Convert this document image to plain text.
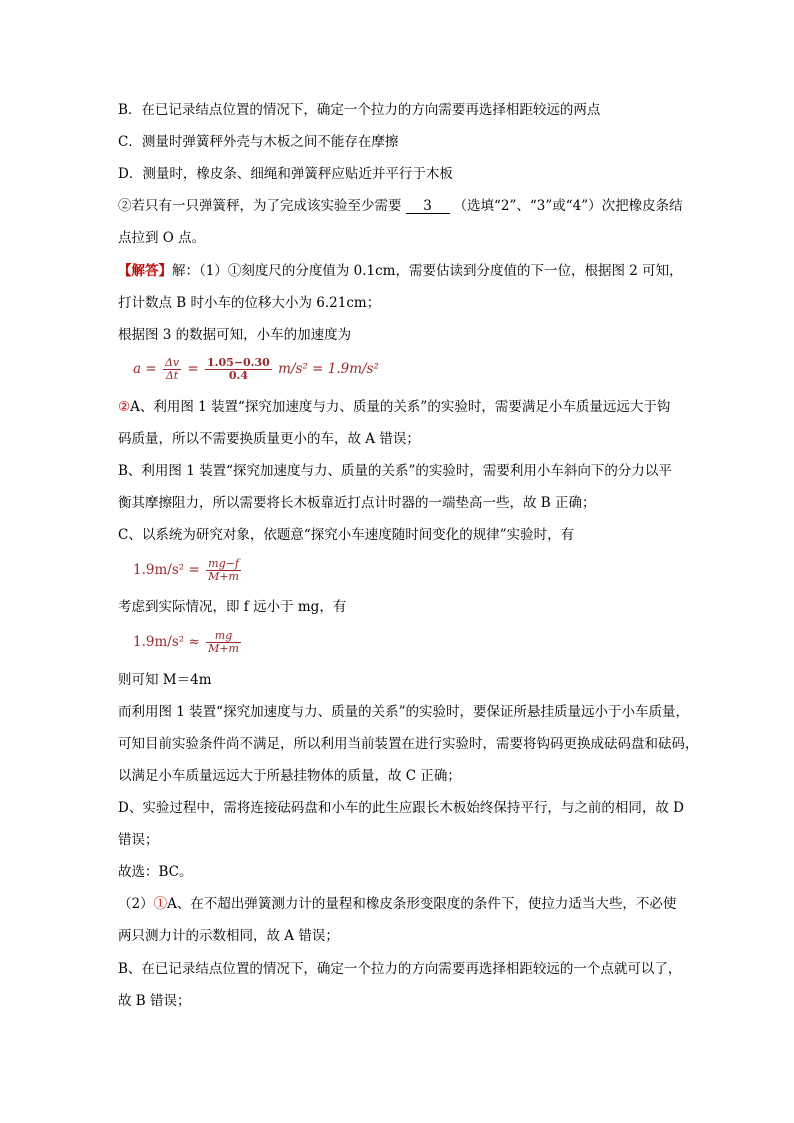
B．在已记录结点位置的情况下，确定一个拉力的方向需要再选择相距较远的两点
C．测量时弹簧秤外壳与木板之间不能存在摩擦
D．测量时，橡皮条、细绳和弹簧秤应贴近并平行于木板
②若只有一只弹簧秤，为了完成该实验至少需要 3 （选填“2”、“3”或“4”）次把橡皮条结
点拉到 O 点。
【解答】解：（1）①刻度尺的分度值为 0.1cm，需要估读到分度值的下一位，根据图 2 可知，
打计数点 B 时小车的位移大小为 6.21cm；
根据图 3 的数据可知，小车的加速度为
$a = \frac{\Delta v}{\Delta t} = \frac{1.05-0.30}{0.4} m/s^2 = 1.9m/s^2$
②A、利用图 1 装置“探究加速度与力、质量的关系”的实验时，需要满足小车质量远远大于钩
码质量，所以不需要换质量更小的车，故 A 错误；
B、利用图 1 装置“探究加速度与力、质量的关系”的实验时，需要利用小车斜向下的分力以平
衡其摩擦阻力，所以需要将长木板靠近打点计时器的一端垫高一些，故 B 正确；
C、以系统为研究对象，依题意“探究小车速度随时间变化的规律”实验时，有
$1.9m/s^2 = \frac{mg-f}{M+m}$
考虑到实际情况，即 f 远小于 mg，有
$1.9m/s^2 \approx \frac{mg}{M+m}$
则可知 M＝4m
而利用图 1 装置“探究加速度与力、质量的关系”的实验时，要保证所悬挂质量远小于小车质量，
可知目前实验条件尚不满足，所以利用当前装置在进行实验时，需要将钩码更换成砝码盘和砝码，
以满足小车质量远远大于所悬挂物体的质量，故 C 正确；
D、实验过程中，需将连接砝码盘和小车的此生应跟长木板始终保持平行，与之前的相同，故 D
错误；
故选：BC。
（2）①A、在不超出弹簧测力计的量程和橡皮条形变限度的条件下，使拉力适当大些，不必使
两只测力计的示数相同，故 A 错误；
B、在已记录结点位置的情况下，确定一个拉力的方向需要再选择相距较远的一个点就可以了，
故 B 错误；
